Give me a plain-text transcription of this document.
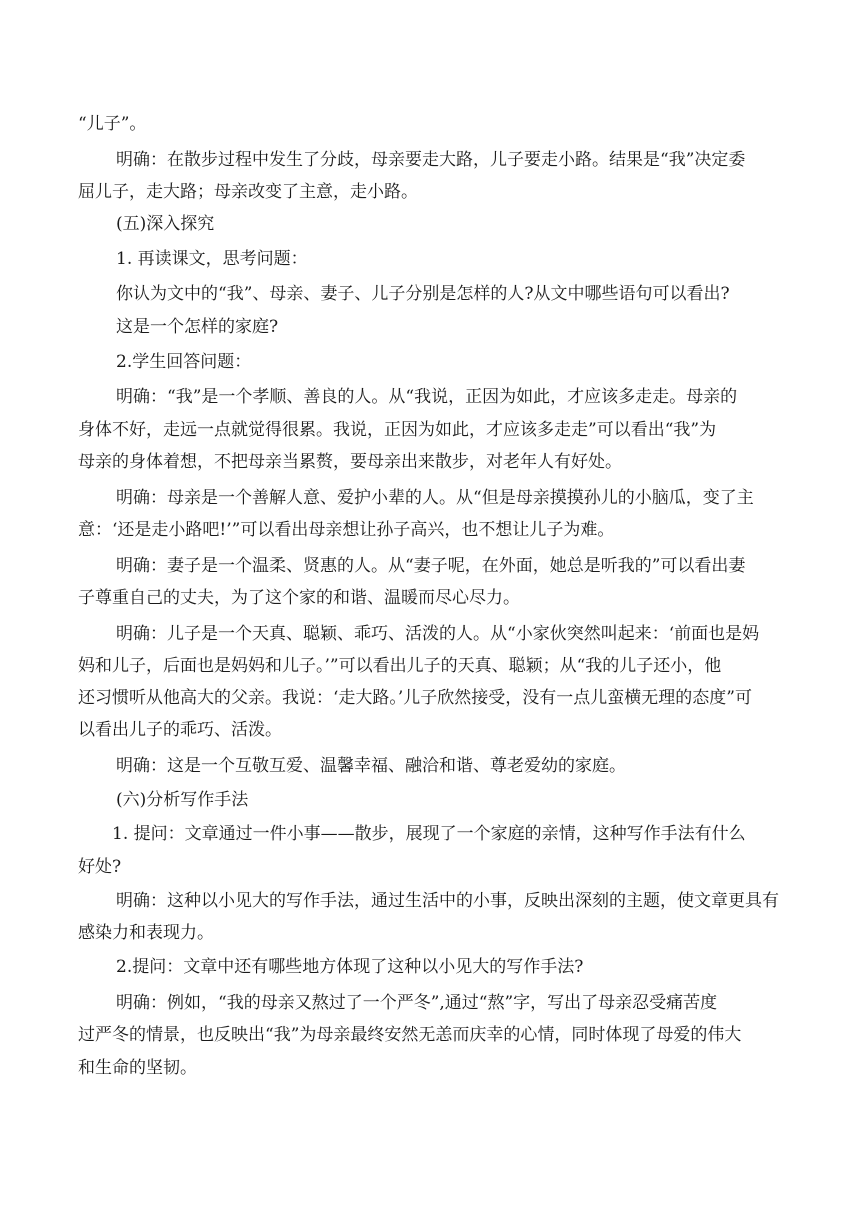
“儿子”。
明确：在散步过程中发生了分歧，母亲要走大路，儿子要走小路。结果是“我”决定委
屈儿子，走大路；母亲改变了主意，走小路。
(五)深入探究
1. 再读课文，思考问题：
你认为文中的“我”、母亲、妻子、儿子分别是怎样的人?从文中哪些语句可以看出?
这是一个怎样的家庭?
2.学生回答问题：
明确：“我”是一个孝顺、善良的人。从“我说，正因为如此，才应该多走走。母亲的
身体不好，走远一点就觉得很累。我说，正因为如此，才应该多走走”可以看出“我”为
母亲的身体着想，不把母亲当累赘，要母亲出来散步，对老年人有好处。
明确：母亲是一个善解人意、爱护小辈的人。从“但是母亲摸摸孙儿的小脑瓜，变了主
意：‘还是走小路吧!’”可以看出母亲想让孙子高兴，也不想让儿子为难。
明确：妻子是一个温柔、贤惠的人。从“妻子呢，在外面，她总是听我的”可以看出妻
子尊重自己的丈夫，为了这个家的和谐、温暖而尽心尽力。
明确：儿子是一个天真、聪颖、乖巧、活泼的人。从“小家伙突然叫起来：‘前面也是妈
妈和儿子，后面也是妈妈和儿子。’”可以看出儿子的天真、聪颖；从“我的儿子还小，他
还习惯听从他高大的父亲。我说：‘走大路。’儿子欣然接受，没有一点儿蛮横无理的态度”可
以看出儿子的乖巧、活泼。
明确：这是一个互敬互爱、温馨幸福、融洽和谐、尊老爱幼的家庭。
(六)分析写作手法
1. 提问：文章通过一件小事——散步，展现了一个家庭的亲情，这种写作手法有什么
好处?
明确：这种以小见大的写作手法，通过生活中的小事，反映出深刻的主题，使文章更具有
感染力和表现力。
2.提问：文章中还有哪些地方体现了这种以小见大的写作手法?
明确：例如，“我的母亲又熬过了一个严冬”,通过“熬”字，写出了母亲忍受痛苦度
过严冬的情景，也反映出“我”为母亲最终安然无恙而庆幸的心情，同时体现了母爱的伟大
和生命的坚韧。
